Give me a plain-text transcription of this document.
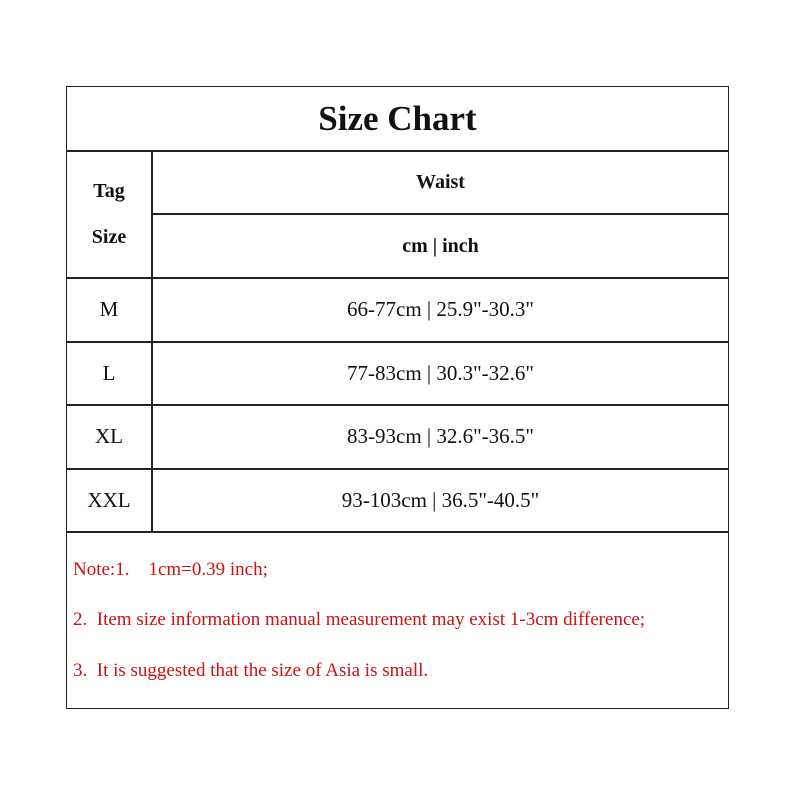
Size Chart
Tag
Size
Waist
cm | inch
M	66-77cm | 25.9"-30.3"
L	77-83cm | 30.3"-32.6"
XL	83-93cm | 32.6"-36.5"
XXL	93-103cm | 36.5"-40.5"
Note:1.    1cm=0.39 inch;
2.  Item size information manual measurement may exist 1-3cm difference;
3.  It is suggested that the size of Asia is small.
